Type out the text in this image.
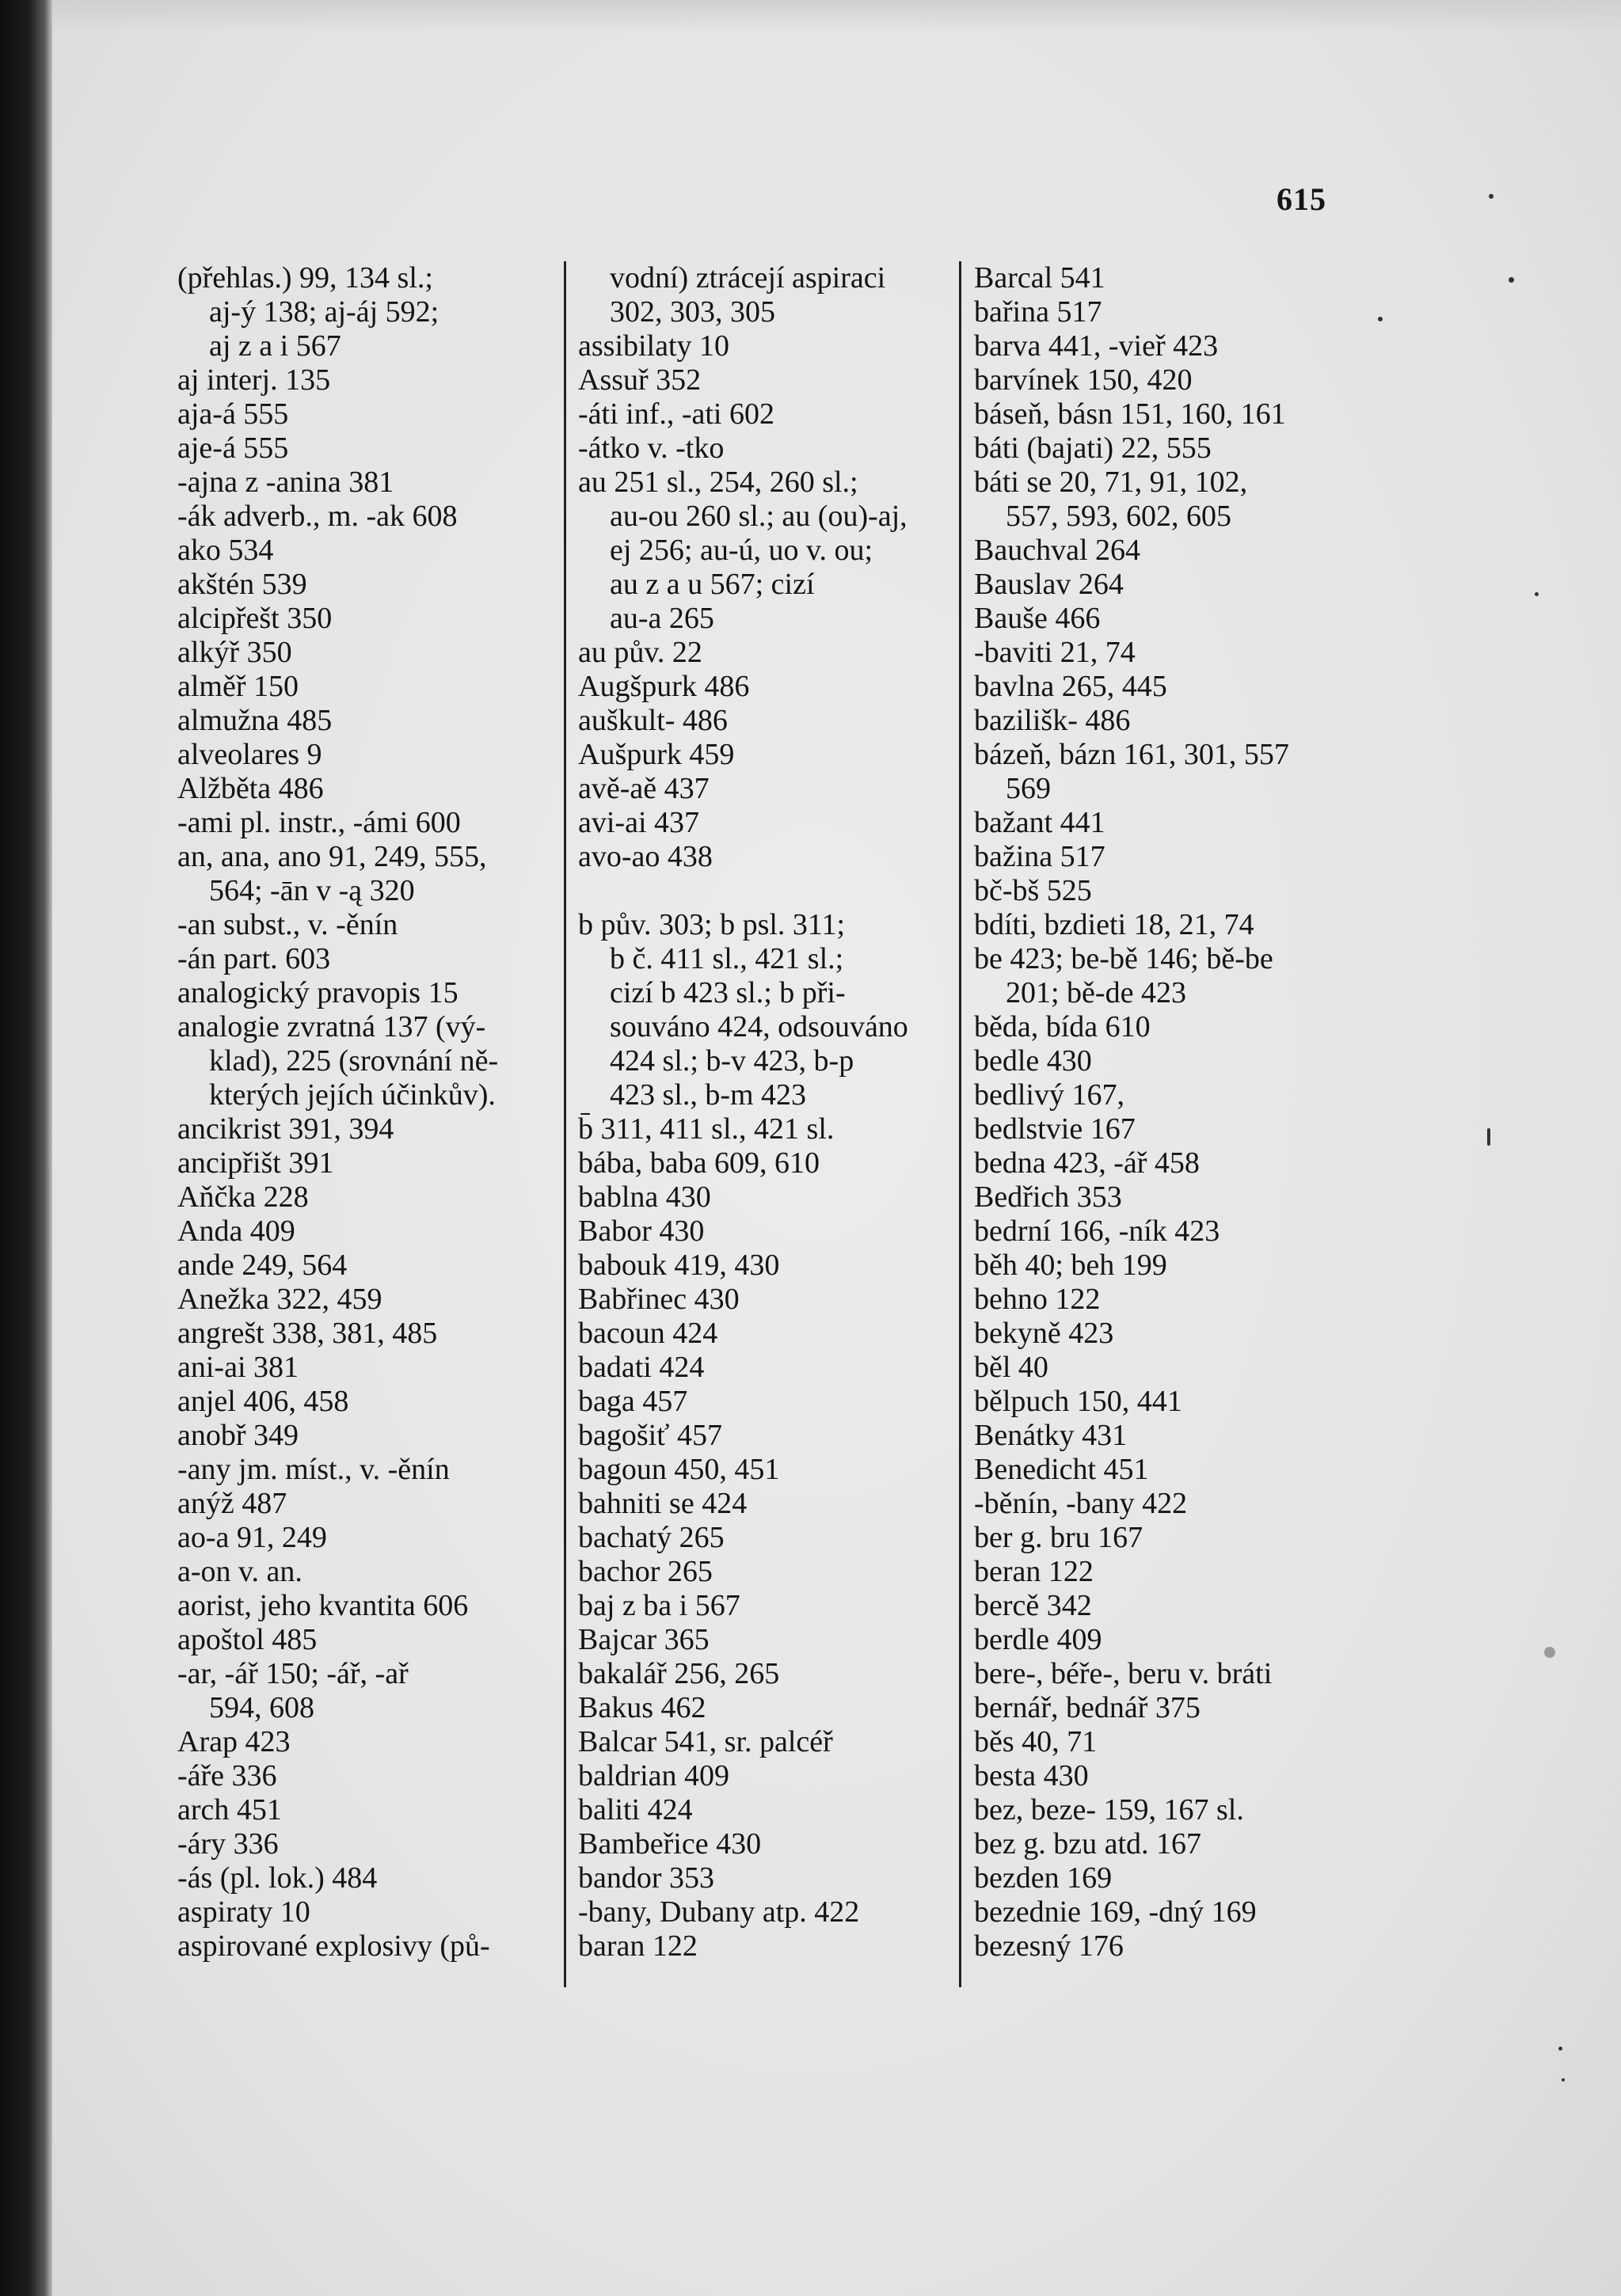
615
(přehlas.) 99, 134 sl.;
aj-ý 138; aj-áj 592;
aj z a i 567
aj interj. 135
aja-á 555
aje-á 555
-ajna z -anina 381
-ák adverb., m. -ak 608
ako 534
akštén 539
alcipřešt 350
alkýř 350
alměř 150
almužna 485
alveolares 9
Alžběta 486
-ami pl. instr., -ámi 600
an, ana, ano 91, 249, 555,
564; -ān v -ą 320
-an subst., v. -ěnín
-án part. 603
analogický pravopis 15
analogie zvratná 137 (vý-
klad), 225 (srovnání ně-
kterých jejích účinkův).
ancikrist 391, 394
ancipřišt 391
Aňčka 228
Anda 409
ande 249, 564
Anežka 322, 459
angrešt 338, 381, 485
ani-ai 381
anjel 406, 458
anobř 349
-any jm. míst., v. -ěnín
anýž 487
ao-a 91, 249
a-on v. an.
aorist, jeho kvantita 606
apoštol 485
-ar, -ář 150; -ář, -ař
594, 608
Arap 423
-áře 336
arch 451
-áry 336
-ás (pl. lok.) 484
aspiraty 10
aspirované explosivy (pů-
vodní) ztrácejí aspiraci
302, 303, 305
assibilaty 10
Assuř 352
-áti inf., -ati 602
-átko v. -tko
au 251 sl., 254, 260 sl.;
au-ou 260 sl.; au (ou)-aj,
ej 256; au-ú, uo v. ou;
au z a u 567; cizí
au-a 265
au pův. 22
Augšpurk 486
auškult- 486
Aušpurk 459
avě-aě 437
avi-ai 437
avo-ao 438
b pův. 303; b psl. 311;
b č. 411 sl., 421 sl.;
cizí b 423 sl.; b při-
souváno 424, odsouváno
424 sl.; b-v 423, b-p
423 sl., b-m 423
b̄ 311, 411 sl., 421 sl.
bába, baba 609, 610
bablna 430
Babor 430
babouk 419, 430
Babřinec 430
bacoun 424
badati 424
baga 457
bagošiť 457
bagoun 450, 451
bahniti se 424
bachatý 265
bachor 265
baj z ba i 567
Bajcar 365
bakalář 256, 265
Bakus 462
Balcar 541, sr. palcéř
baldrian 409
baliti 424
Bambeřice 430
bandor 353
-bany, Dubany atp. 422
baran 122
Barcal 541
bařina 517
barva 441, -vieř 423
barvínek 150, 420
báseň, básn 151, 160, 161
báti (bajati) 22, 555
báti se 20, 71, 91, 102,
557, 593, 602, 605
Bauchval 264
Bauslav 264
Bauše 466
-baviti 21, 74
bavlna 265, 445
bazilišk- 486
bázeň, bázn 161, 301, 557
569
bažant 441
bažina 517
bč-bš 525
bdíti, bzdieti 18, 21, 74
be 423; be-bě 146; bě-be
201; bě-de 423
běda, bída 610
bedle 430
bedlivý 167,
bedlstvie 167
bedna 423, -ář 458
Bedřich 353
bedrní 166, -ník 423
běh 40; beh 199
behno 122
bekyně 423
běl 40
bělpuch 150, 441
Benátky 431
Benedicht 451
-běnín, -bany 422
ber g. bru 167
beran 122
bercě 342
berdle 409
bere-, béře-, beru v. bráti
bernář, bednář 375
běs 40, 71
besta 430
bez, beze- 159, 167 sl.
bez g. bzu atd. 167
bezden 169
bezednie 169, -dný 169
bezesný 176
